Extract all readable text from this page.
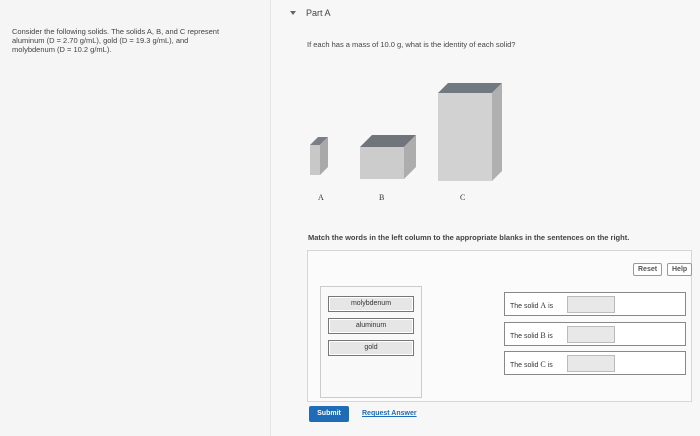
Consider the following solids. The solids A, B, and C represent
aluminum (D = 2.70 g/mL), gold (D = 19.3 g/mL), and
molybdenum (D = 10.2 g/mL).
Part A
If each has a mass of 10.0 g, what is the identity of each solid?
A	B	C
Match the words in the left column to the appropriate blanks in the sentences on the right.
Reset	Help
molybdenum
aluminum
gold
The solid A is
The solid B is
The solid C is
Submit	Request Answer
